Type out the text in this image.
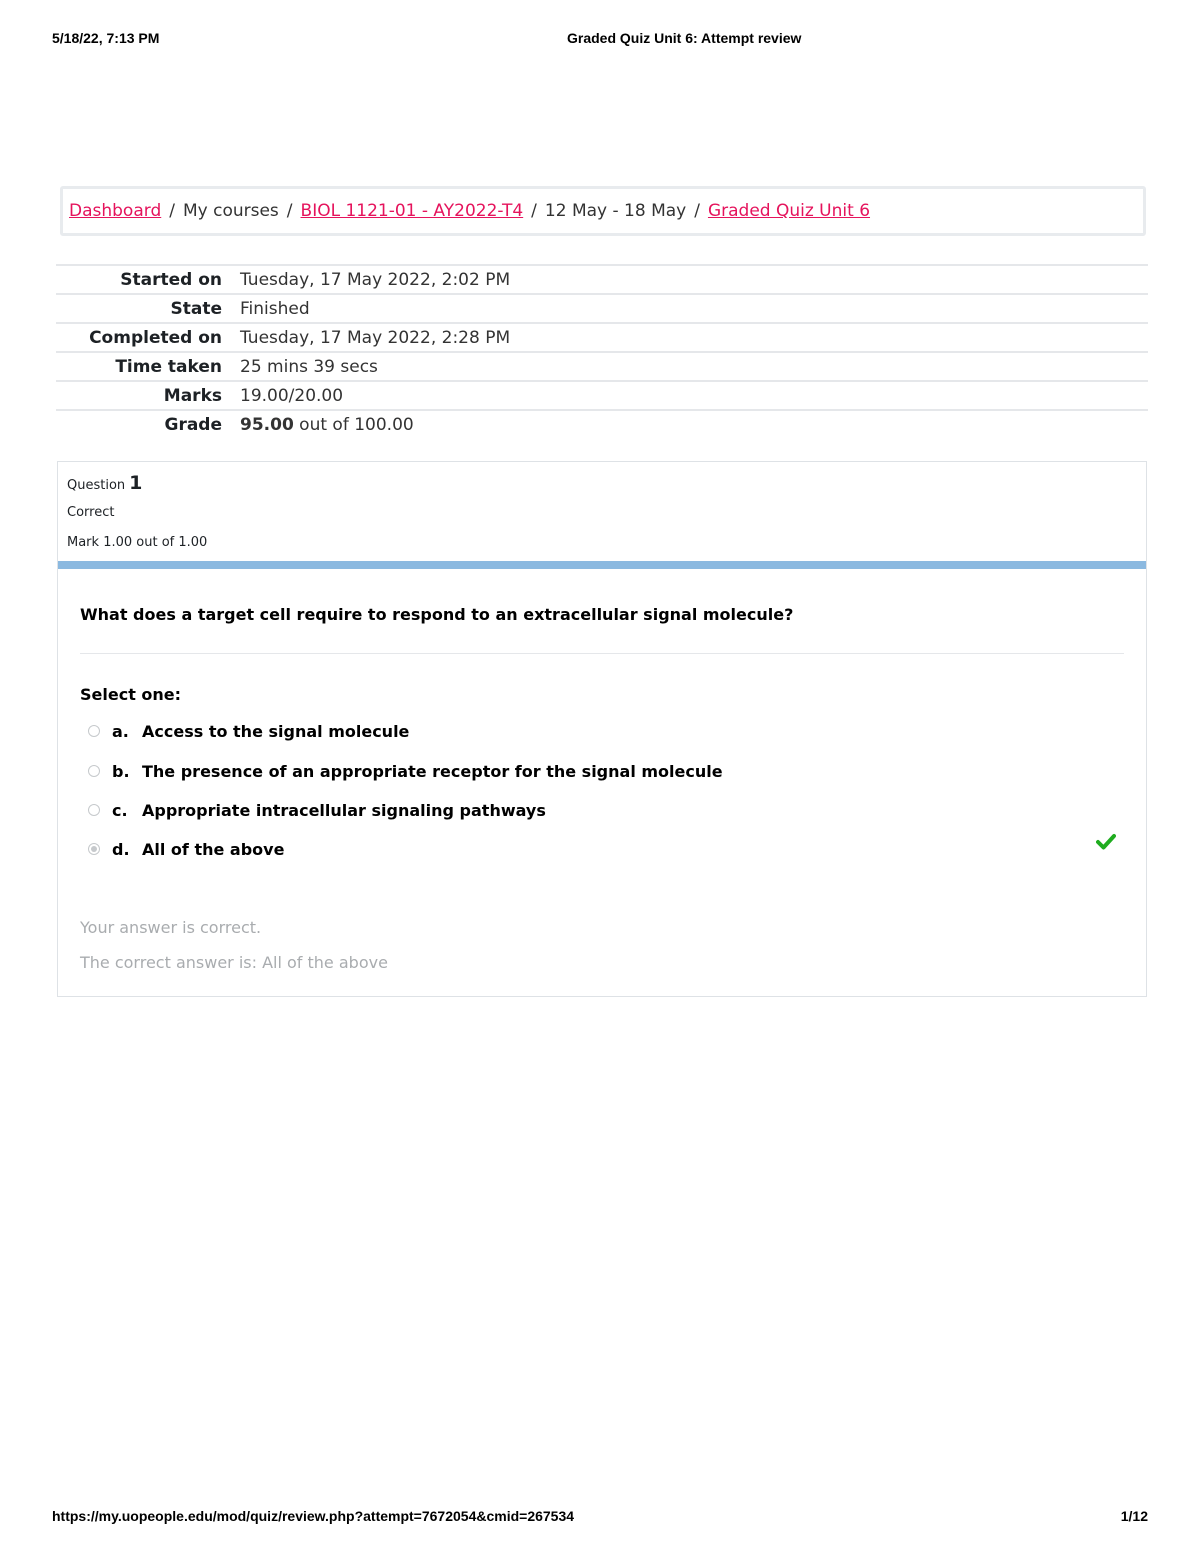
5/18/22, 7:13 PM	Graded Quiz Unit 6: Attempt review
Dashboard / My courses / BIOL 1121-01 - AY2022-T4 / 12 May - 18 May / Graded Quiz Unit 6
Started on	Tuesday, 17 May 2022, 2:02 PM
State	Finished
Completed on	Tuesday, 17 May 2022, 2:28 PM
Time taken	25 mins 39 secs
Marks	19.00/20.00
Grade	95.00 out of 100.00
Question 1
Correct
Mark 1.00 out of 1.00
What does a target cell require to respond to an extracellular signal molecule?
Select one:
a. Access to the signal molecule
b. The presence of an appropriate receptor for the signal molecule
c. Appropriate intracellular signaling pathways
d. All of the above
Your answer is correct.
The correct answer is: All of the above
https://my.uopeople.edu/mod/quiz/review.php?attempt=7672054&cmid=267534	1/12
